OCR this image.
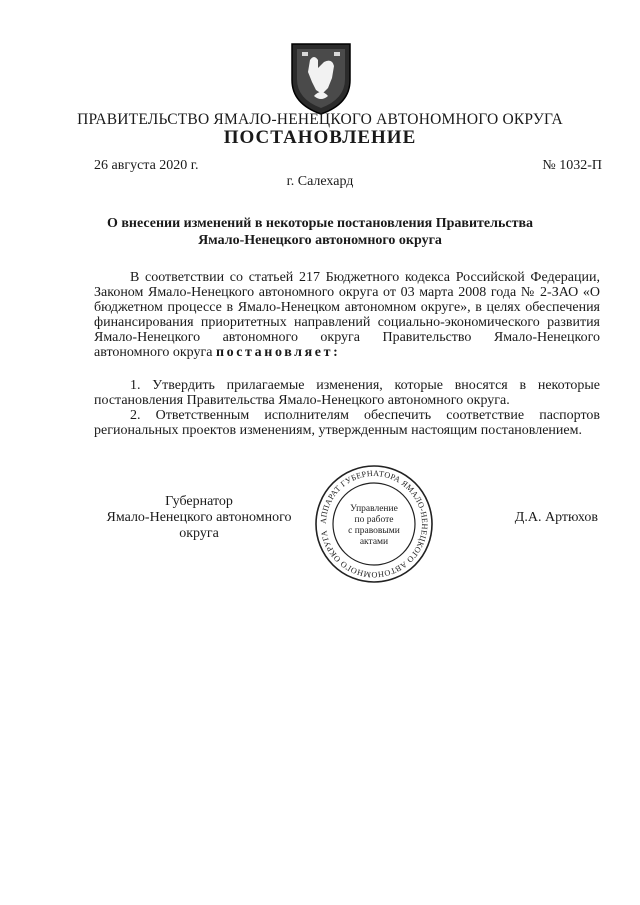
ПРАВИТЕЛЬСТВО ЯМАЛО-НЕНЕЦКОГО АВТОНОМНОГО ОКРУГА
ПОСТАНОВЛЕНИЕ
26 августа 2020 г.	№ 1032-П
г. Салехард
О внесении изменений в некоторые постановления Правительства
Ямало-Ненецкого автономного округа
В соответствии со статьей 217 Бюджетного кодекса Российской Федерации, Законом Ямало-Ненецкого автономного округа от 03 марта 2008 года № 2-ЗАО «О бюджетном процессе в Ямало-Ненецком автономном округе», в целях обеспечения финансирования приоритетных направлений социально-экономического развития Ямало-Ненецкого автономного округа Правительство Ямало-Ненецкого автономного округа постановляет:
1. Утвердить прилагаемые изменения, которые вносятся в некоторые постановления Правительства Ямало-Ненецкого автономного округа.
2. Ответственным исполнителям обеспечить соответствие паспортов региональных проектов изменениям, утвержденным настоящим постановлением.
Губернатор
Ямало-Ненецкого автономного округа
Д.А. Артюхов
АППАРАТ ГУБЕРНАТОРА ЯМАЛО-НЕНЕЦКОГО АВТОНОМНОГО ОКРУГА
Управление
по работе
с правовыми
актами
